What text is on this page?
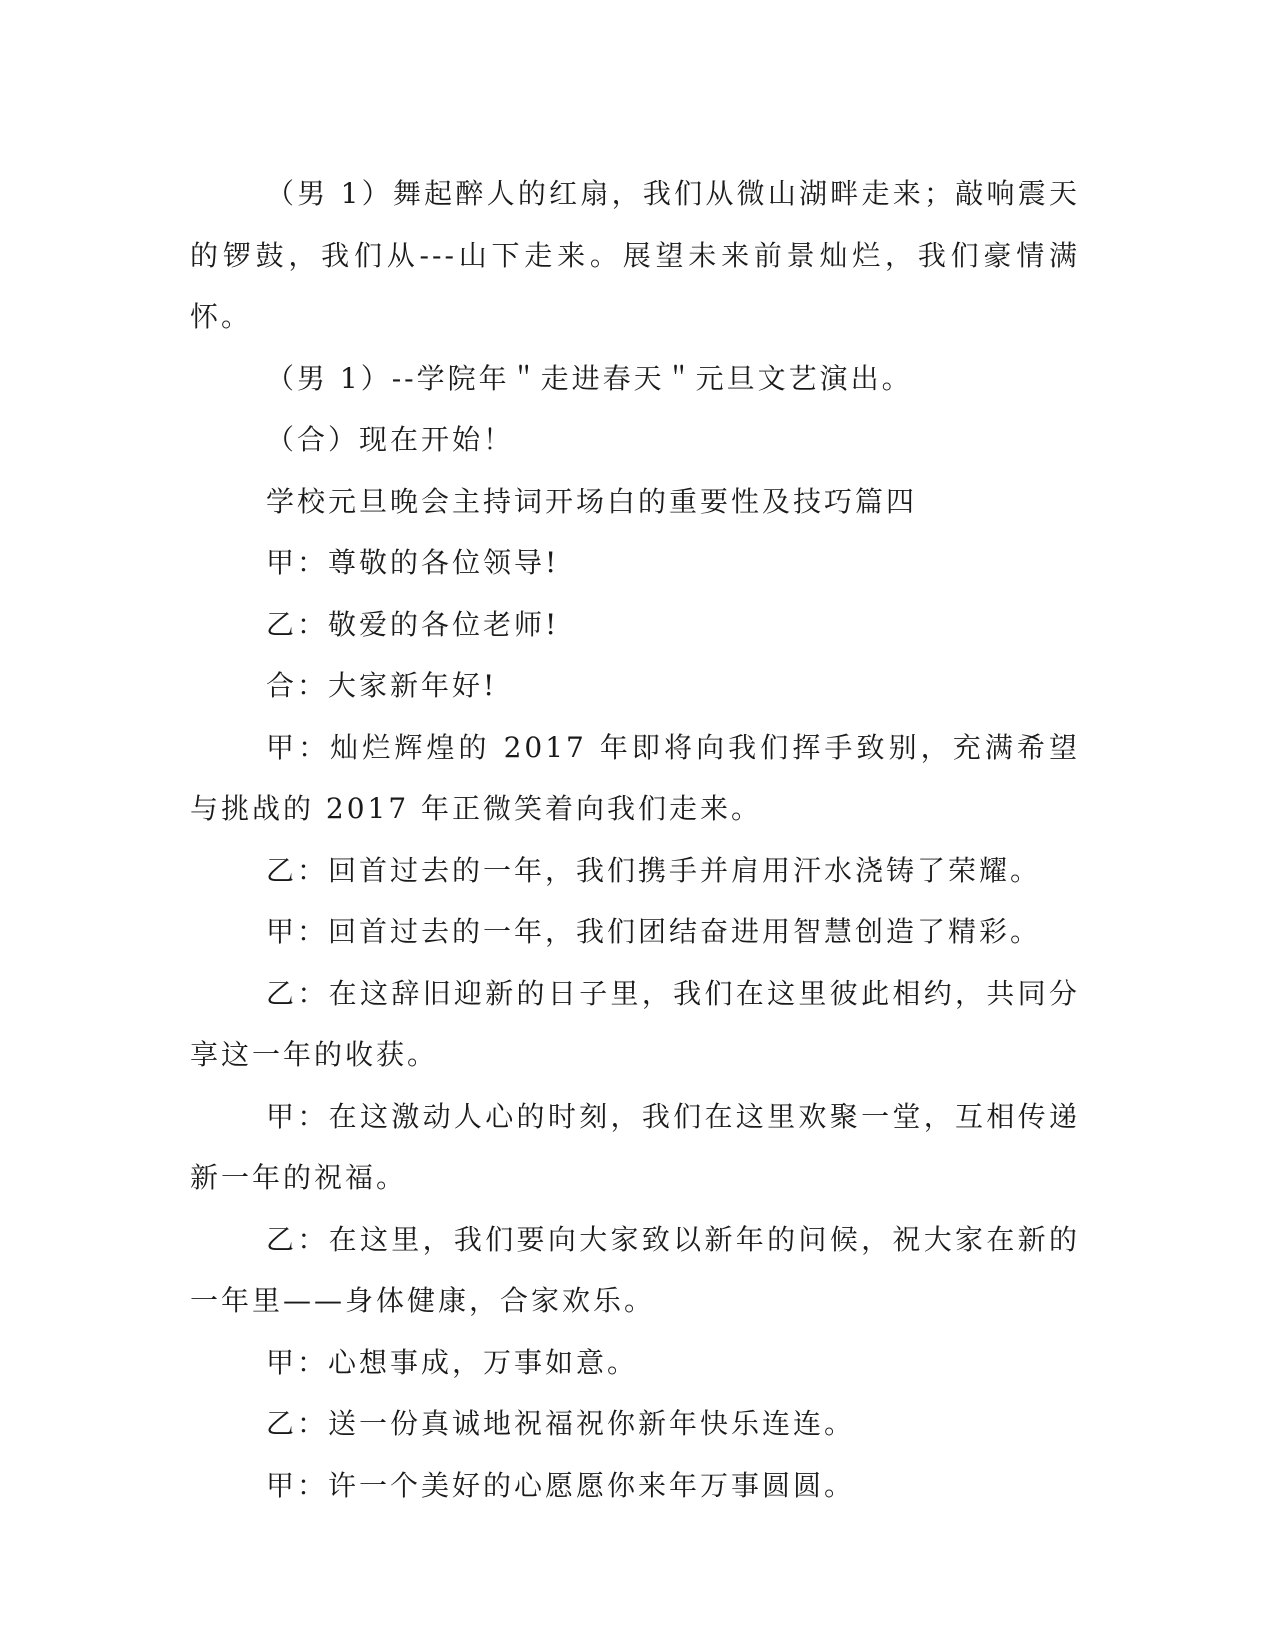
（男 1）舞起醉人的红扇，我们从微山湖畔走来；敲响震天的锣鼓，我们从---山下走来。展望未来前景灿烂，我们豪情满怀。

（男 1）--学院年＂走进春天＂元旦文艺演出。

（合）现在开始！

学校元旦晚会主持词开场白的重要性及技巧篇四

甲：尊敬的各位领导!

乙：敬爱的各位老师!

合：大家新年好!

甲：灿烂辉煌的 2017 年即将向我们挥手致别，充满希望与挑战的 2017 年正微笑着向我们走来。

乙：回首过去的一年，我们携手并肩用汗水浇铸了荣耀。

甲：回首过去的一年，我们团结奋进用智慧创造了精彩。

乙：在这辞旧迎新的日子里，我们在这里彼此相约，共同分享这一年的收获。

甲：在这激动人心的时刻，我们在这里欢聚一堂，互相传递新一年的祝福。

乙：在这里，我们要向大家致以新年的问候，祝大家在新的一年里——身体健康，合家欢乐。

甲：心想事成，万事如意。

乙：送一份真诚地祝福祝你新年快乐连连。

甲：许一个美好的心愿愿你来年万事圆圆。
